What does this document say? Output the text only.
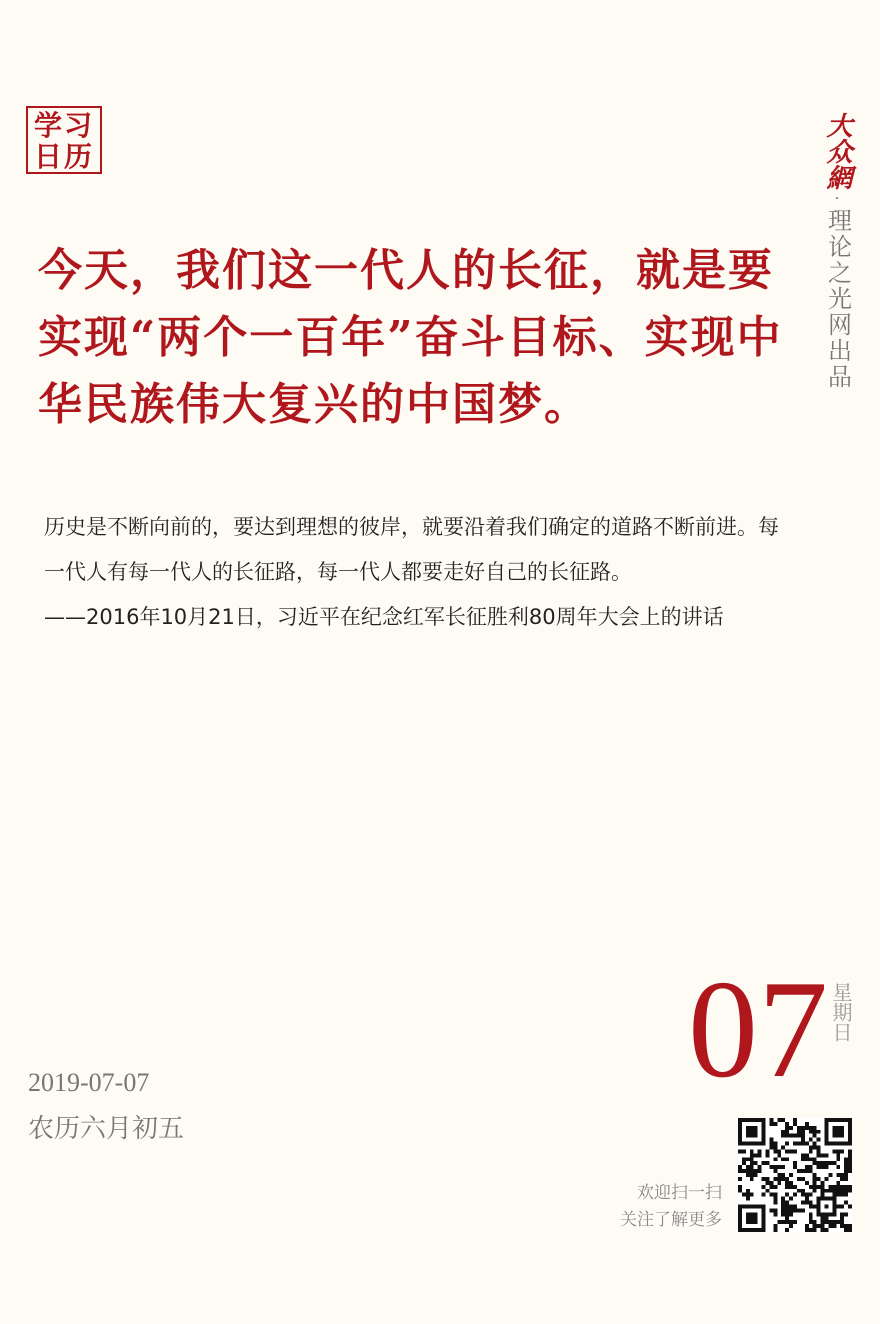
学习
日历	大众網
·
理论之光网出品
今天，我们这一代人的长征，就是要实现“两个一百年”奋斗目标、实现中华民族伟大复兴的中国梦。

历史是不断向前的，要达到理想的彼岸，就要沿着我们确定的道路不断前进。每一代人有每一代人的长征路，每一代人都要走好自己的长征路。

——2016年10月21日，习近平在纪念红军长征胜利80周年大会上的讲话

07 星期日
2019-07-07
农历六月初五
欢迎扫一扫
关注了解更多
